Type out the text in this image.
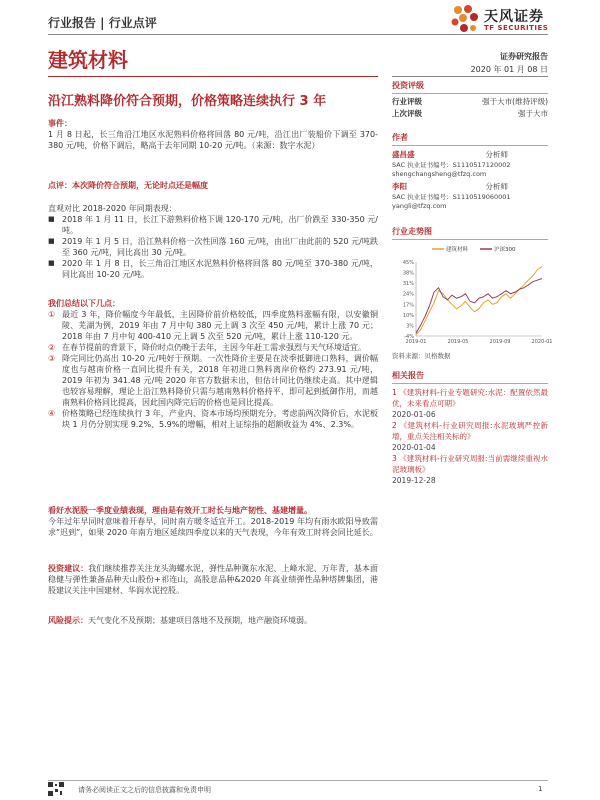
行业报告 | 行业点评	天风证券
TF SECURITIES
建筑材料	证券研究报告
2020 年 01 月 08 日
沿江熟料降价符合预期，价格策略连续执行 3 年

事件：

1 月 8 日起，长三角沿江地区水泥熟料价格将回落 80 元/吨，沿江出厂装船价下调至 370-380 元/吨，价格下调后，略高于去年同期 10-20 元/吨。（来源：数字水泥）

点评：本次降价符合预期，无论时点还是幅度

直观对比 2018-2020 年同期表现：

■ 2018 年 1 月 11 日，长江下游熟料价格下调 120-170 元/吨，出厂价跌至 330-350 元/吨。
■ 2019 年 1 月 5 日，沿江熟料价格一次性回落 160 元/吨，由出厂由此前的 520 元/吨跌至 360 元/吨，同比高出 30 元/吨。
■ 2020 年 1 月 8 日，长三角沿江地区水泥熟料价格将回落 80 元/吨至 370-380 元/吨，同比高出 10-20 元/吨。

我们总结以下几点：

① 最近 3 年，降价幅度今年最低，主因降价前价格较低，四季度熟料涨幅有限，以安徽铜陵、芜湖为例，2019 年由 7 月中旬 380 元上调 3 次至 450 元/吨，累计上涨 70 元；2018 年由 7 月中旬 400-410 元上调 5 次至 520 元/吨，累计上涨 110-120 元。
② 在春节提前的背景下，降价时点仍晚于去年，主因今年赶工需求强烈与天气环境适宜。
③ 降完同比仍高出 10-20 元/吨好于预期。一次性降价主要是在淡季抵御进口熟料，调价幅度也与越南价格一直同比提升有关，2018 年初进口熟料离岸价格约 273.91 元/吨，2019 年初为 341.48 元/吨 2020 年官方数据未出，但估计同比仍继续走高。其中逻辑也较容易理解，理论上沿江熟料降价只需与越南熟料价格持平，即可起到抵御作用，而越南熟料价格同比提高，因此国内降完后的价格也是同比提高。
④ 价格策略已经连续执行 3 年，产业内、资本市场均预期充分。考虑前两次降价后，水泥板块 1 月仍分别实现 9.2%、5.9%的增幅，相对上证综指的超额收益为 4%、2.3%。

看好水泥股一季度业绩表现，理由是有效开工时长与地产韧性、基建增量。

今年过年早同时意味着开春早，同时南方暖冬适宜开工。2018-2019 年均有雨水欧阳导致需求“迟到”，如果 2020 年南方地区延续四季度以来的天气表现，今年有效工时将会同比延长。

投资建议：我们继续推荐关注龙头海螺水泥，弹性品种冀东水泥、上峰水泥、万年青，基本面稳健与弹性兼备品种天山股份+祁连山，高股息品种&2020 年高业绩弹性品种塔牌集团，港股建议关注中国建材、华润水泥控股。

风险提示：天气变化不及预期；基建项目落地不及预期，地产融资环境弱。

投资评级
行业评级	强于大市(维持评级)
上次评级	强于大市
作者
盛昌盛	分析师
SAC 执业证书编号：S1110517120002
shengchangsheng@tfzq.com
李阳	分析师
SAC 执业证书编号：S1110519060001
yangli@tfzq.com
行业走势图
-4%
3%
10%
17%
24%
31%
38%
45%
2019-01	2019-05	2019-09	2020-01
建筑材料	沪深300
资料来源：贝格数据
相关报告
1 《建筑材料-行业专题研究:水泥：配置依然最优，未来看点可期》
2020-01-06
2 《建筑材料-行业研究周报:水泥玻璃严控新增，重点关注相关标的》
2020-01-04
3 《建筑材料-行业研究周报:当前需继续重视水泥玻璃板》
2019-12-28
请务必阅读正文之后的信息披露和免责申明	1
